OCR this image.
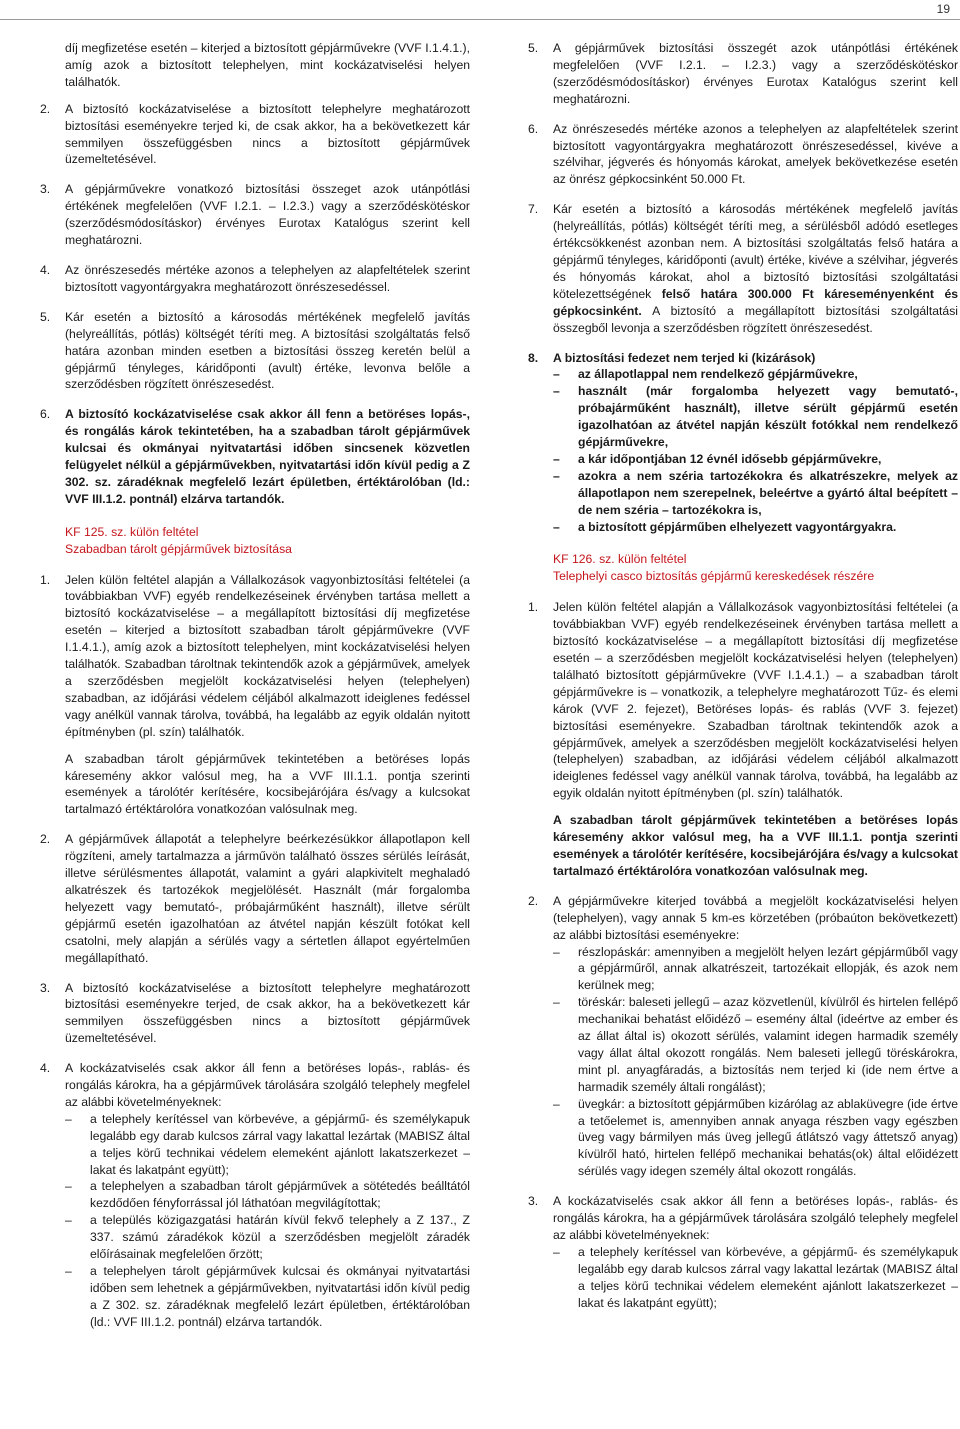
19

díj megfizetése esetén – kiterjed a biztosított gépjárművekre (VVF I.1.4.1.), amíg azok a biztosított telephelyen, mint kockázatviselési helyen találhatók.

2. A biztosító kockázatviselése a biztosított telephelyre meghatározott biztosítási eseményekre terjed ki, de csak akkor, ha a bekövetkezett kár semmilyen összefüggésben nincs a biztosított gépjárművek üzemeltetésével.

3. A gépjárművekre vonatkozó biztosítási összeget azok utánpótlási értékének megfelelően (VVF I.2.1. – I.2.3.) vagy a szerződéskötéskor (szerződésmódosításkor) érvényes Eurotax Katalógus szerint kell meghatározni.

4. Az önrészesedés mértéke azonos a telephelyen az alapfeltételek szerint biztosított vagyontárgyakra meghatározott önrészesedéssel.

5. Kár esetén a biztosító a károsodás mértékének megfelelő javítás (helyreállítás, pótlás) költségét téríti meg. A biztosítási szolgáltatás felső határa azonban minden esetben a biztosítási összeg keretén belül a gépjármű tényleges, káridőponti (avult) értéke, levonva belőle a szerződésben rögzített önrészesedést.

6. A biztosító kockázatviselése csak akkor áll fenn a betöréses lopás-, és rongálás károk tekintetében, ha a szabadban tárolt gépjárművek kulcsai és okmányai nyitvatartási időben sincsenek közvetlen felügyelet nélkül a gépjárművekben, nyitvatartási időn kívül pedig a Z 302. sz. záradéknak megfelelő lezárt épületben, értéktárolóban (ld.: VVF III.1.2. pontnál) elzárva tartandók.

KF 125. sz. külön feltétel
Szabadban tárolt gépjárművek biztosítása
1. Jelen külön feltétel alapján a Vállalkozások vagyonbiztosítási feltételei (a továbbiakban VVF) egyéb rendelkezéseinek érvényben tartása mellett a biztosító kockázatviselése – a megállapított biztosítási díj megfizetése esetén – kiterjed a biztosított szabadban tárolt gépjárművekre (VVF I.1.4.1.), amíg azok a biztosított telephelyen, mint kockázatviselési helyen találhatók. Szabadban tároltnak tekintendők azok a gépjárművek, amelyek a szerződésben megjelölt kockázatviselési helyen (telephelyen) szabadban, az időjárási védelem céljából alkalmazott ideiglenes fedéssel vagy anélkül vannak tárolva, továbbá, ha legalább az egyik oldalán nyitott építményben (pl. szín) találhatók.

A szabadban tárolt gépjárművek tekintetében a betöréses lopás káresemény akkor valósul meg, ha a VVF III.1.1. pontja szerinti események a tárolótér kerítésére, kocsibejárójára és/vagy a kulcsokat tartalmazó értéktárolóra vonatkozóan valósulnak meg.

2. A gépjárművek állapotát a telephelyre beérkezésükkor állapotlapon kell rögzíteni, amely tartalmazza a járművön található összes sérülés leírását, illetve sérülésmentes állapotát, valamint a gyári alapkivitelt meghaladó alkatrészek és tartozékok megjelölését. Használt (már forgalomba helyezett vagy bemutató-, próbajárműként használt), illetve sérült gépjármű esetén igazolhatóan az átvétel napján készült fotókat kell csatolni, mely alapján a sérülés vagy a sértetlen állapot egyértelműen megállapítható.

3. A biztosító kockázatviselése a biztosított telephelyre meghatározott biztosítási eseményekre terjed, de csak akkor, ha a bekövetkezett kár semmilyen összefüggésben nincs a biztosított gépjárművek üzemeltetésével.

4. A kockázatviselés csak akkor áll fenn a betöréses lopás-, rablás- és rongálás károkra, ha a gépjárművek tárolására szolgáló telephely megfelel az alábbi követelményeknek:

– a telephely kerítéssel van körbevéve, a gépjármű- és személykapuk legalább egy darab kulcsos zárral vagy lakattal lezártak (MABISZ által a teljes körű technikai védelem elemeként ajánlott lakatszerkezet – lakat és lakatpánt együtt);
– a telephelyen a szabadban tárolt gépjárművek a sötétedés beálltától kezdődően fényforrással jól láthatóan megvilágítottak;
– a település közigazgatási határán kívül fekvő telephely a Z 137., Z 337. számú záradékok közül a szerződésben megjelölt záradék előírásainak megfelelően őrzött;
– a telephelyen tárolt gépjárművek kulcsai és okmányai nyitvatartási időben sem lehetnek a gépjárművekben, nyitvatartási időn kívül pedig a Z 302. sz. záradéknak megfelelő lezárt épületben, értéktárolóban (ld.: VVF III.1.2. pontnál) elzárva tartandók.
5. A gépjárművek biztosítási összegét azok utánpótlási értékének megfelelően (VVF I.2.1. – I.2.3.) vagy a szerződéskötéskor (szerződésmódosításkor) érvényes Eurotax Katalógus szerint kell meghatározni.

6. Az önrészesedés mértéke azonos a telephelyen az alapfeltételek szerint biztosított vagyontárgyakra meghatározott önrészesedéssel, kivéve a szélvihar, jégverés és hónyomás károkat, amelyek bekövetkezése esetén az önrész gépkocsinként 50.000 Ft.

7. Kár esetén a biztosító a károsodás mértékének megfelelő javítás (helyreállítás, pótlás) költségét téríti meg, a sérülésből adódó esetleges értékcsökkenést azonban nem. A biztosítási szolgáltatás felső határa a gépjármű tényleges, káridőponti (avult) értéke, kivéve a szélvihar, jégverés és hónyomás károkat, ahol a biztosító biztosítási szolgáltatási kötelezettségének felső határa 300.000 Ft káreseményenként és gépkocsinként. A biztosító a megállapított biztosítási szolgáltatási összegből levonja a szerződésben rögzített önrészesedést.

8. A biztosítási fedezet nem terjed ki (kizárások)

– az állapotlappal nem rendelkező gépjárművekre,
– használt (már forgalomba helyezett vagy bemutató-, próbajárműként használt), illetve sérült gépjármű esetén igazolhatóan az átvétel napján készült fotókkal nem rendelkező gépjárművekre,
– a kár időpontjában 12 évnél idősebb gépjárművekre,
– azokra a nem széria tartozékokra és alkatrészekre, melyek az állapotlapon nem szerepelnek, beleértve a gyártó által beépített – de nem széria – tartozékokra is,
– a biztosított gépjárműben elhelyezett vagyontárgyakra.
KF 126. sz. külön feltétel
Telephelyi casco biztosítás gépjármű kereskedések részére
1. Jelen külön feltétel alapján a Vállalkozások vagyonbiztosítási feltételei (a továbbiakban VVF) egyéb rendelkezéseinek érvényben tartása mellett a biztosító kockázatviselése – a megállapított biztosítási díj megfizetése esetén – a szerződésben megjelölt kockázatviselési helyen (telephelyen) található biztosított gépjárművekre (VVF I.1.4.1.) – a szabadban tárolt gépjárművekre is – vonatkozik, a telephelyre meghatározott Tűz- és elemi károk (VVF 2. fejezet), Betöréses lopás- és rablás (VVF 3. fejezet) biztosítási eseményekre. Szabadban tároltnak tekintendők azok a gépjárművek, amelyek a szerződésben megjelölt kockázatviselési helyen (telephelyen) szabadban, az időjárási védelem céljából alkalmazott ideiglenes fedéssel vagy anélkül vannak tárolva, továbbá, ha legalább az egyik oldalán nyitott építményben (pl. szín) találhatók.

A szabadban tárolt gépjárművek tekintetében a betöréses lopás káresemény akkor valósul meg, ha a VVF III.1.1. pontja szerinti események a tárolótér kerítésére, kocsibejárójára és/vagy a kulcsokat tartalmazó értéktárolóra vonatkozóan valósulnak meg.

2. A gépjárművekre kiterjed továbbá a megjelölt kockázatviselési helyen (telephelyen), vagy annak 5 km-es körzetében (próbaúton bekövetkezett) az alábbi biztosítási eseményekre:

– részlopáskár: amennyiben a megjelölt helyen lezárt gépjárműből vagy a gépjárműről, annak alkatrészeit, tartozékait ellopják, és azok nem kerülnek meg;
– töréskár: baleseti jellegű – azaz közvetlenül, kívülről és hirtelen fellépő mechanikai behatást előidéző – esemény által (ideértve az ember és az állat által is) okozott sérülés, valamint idegen harmadik személy vagy állat által okozott rongálás. Nem baleseti jellegű töréskárokra, mint pl. anyagfáradás, a biztosítás nem terjed ki (ide nem értve a harmadik személy általi rongálást);
– üvegkár: a biztosított gépjárműben kizárólag az ablaküvegre (ide értve a tetőelemet is, amennyiben annak anyaga részben vagy egészben üveg vagy bármilyen más üveg jellegű átlátszó vagy áttetsző anyag) kívülről ható, hirtelen fellépő mechanikai behatás(ok) által előidézett sérülés vagy idegen személy által okozott rongálás.
3. A kockázatviselés csak akkor áll fenn a betöréses lopás-, rablás- és rongálás károkra, ha a gépjárművek tárolására szolgáló telephely megfelel az alábbi követelményeknek:

– a telephely kerítéssel van körbevéve, a gépjármű- és személykapuk legalább egy darab kulcsos zárral vagy lakattal lezártak (MABISZ által a teljes körű technikai védelem elemeként ajánlott lakatszerkezet – lakat és lakatpánt együtt);
